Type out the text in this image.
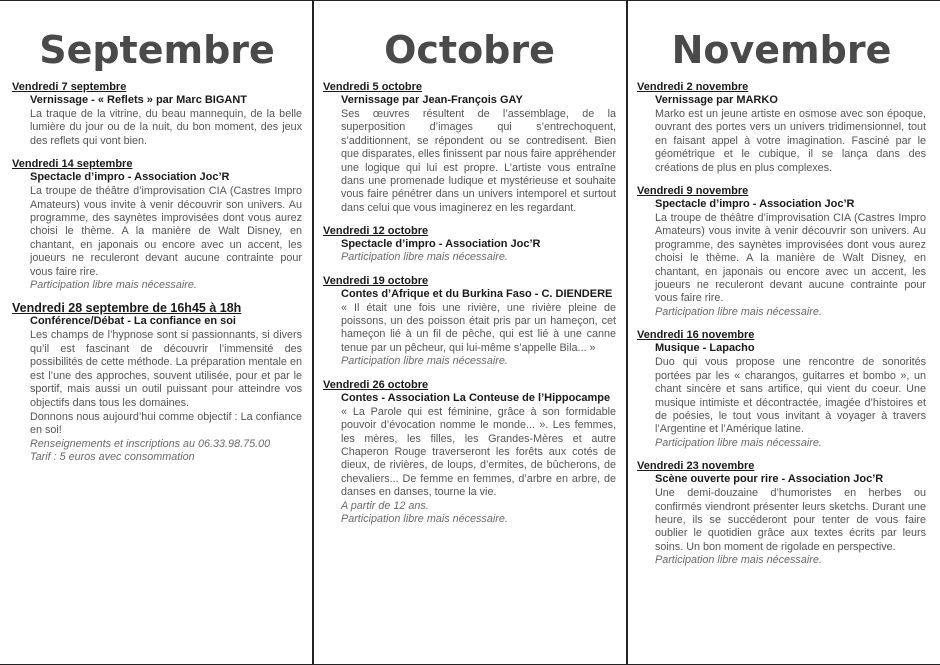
Septembre
Vendredi 7 septembre
Vernissage - « Reflets » par Marc BIGANT

La traque de la vitrine, du beau mannequin, de la belle lumière du jour ou de la nuit, du bon moment, des jeux des reflets qui vont bien.

Vendredi 14 septembre
Spectacle d’impro - Association Joc’R

La troupe de théâtre d’improvisation CIA (Castres Impro Amateurs) vous invite à venir découvrir son univers. Au programme, des saynètes improvisées dont vous aurez choisi le thème. A la manière de Walt Disney, en chantant, en japonais ou encore avec un accent, les joueurs ne reculeront devant aucune contrainte pour vous faire rire.

Participation libre mais nécessaire.

Vendredi 28 septembre de 16h45 à 18h
Conférence/Débat - La confiance en soi

Les champs de l’hypnose sont si passionnants, si divers qu’il est fascinant de découvrir l’immensité des possibilités de cette méthode. La préparation mentale en est l’une des approches, souvent utilisée, pour et par le sportif, mais aussi un outil puissant pour atteindre vos objectifs dans tous les domaines.

Donnons nous aujourd’hui comme objectif : La confiance en soi!

Renseignements et inscriptions au 06.33.98.75.00

Tarif : 5 euros avec consommation

Octobre
Vendredi 5 octobre
Vernissage par Jean-François GAY

Ses œuvres résultent de l’assemblage, de la superposition d’images qui s’entrechoquent, s’additionnent, se répondent ou se contredisent. Bien que disparates, elles finissent par nous faire appréhender une logique qui lui est propre. L’artiste vous entraîne dans une promenade ludique et mystérieuse et souhaite vous faire pénétrer dans un univers intemporel et surtout dans celui que vous imaginerez en les regardant.

Vendredi 12 octobre
Spectacle d’impro - Association Joc’R

Participation libre mais nécessaire.

Vendredi 19 octobre
Contes d’Afrique et du Burkina Faso - C. DIENDERE

« Il était une fois une rivière, une rivière pleine de poissons, un des poisson était pris par un hameçon, cet hameçon lié à un fil de pêche, qui est lié à une canne tenue par un pêcheur, qui lui-même s’appelle Bila... »

Participation libre mais nécessaire.

Vendredi 26 octobre
Contes - Association La Conteuse de l’Hippocampe

« La Parole qui est féminine, grâce à son formidable pouvoir d’évocation nomme le monde... ». Les femmes, les mères, les filles, les Grandes-Mères et autre Chaperon Rouge traverseront les forêts aux cotés de dieux, de rivières, de loups, d’ermites, de bûcherons, de chevaliers... De femme en femmes, d’arbre en arbre, de danses en danses, tourne la vie.

A partir de 12 ans.

Participation libre mais nécessaire.

Novembre
Vendredi 2 novembre
Vernissage par MARKO

Marko est un jeune artiste en osmose avec son époque, ouvrant des portes vers un univers tridimensionnel, tout en faisant appel à votre imagination. Fasciné par le géométrique et le cubique, il se lança dans des créations de plus en plus complexes.

Vendredi 9 novembre
Spectacle d’impro - Association Joc’R

La troupe de théâtre d’improvisation CIA (Castres Impro Amateurs) vous invite à venir découvrir son univers. Au programme, des saynètes improvisées dont vous aurez choisi le thème. A la manière de Walt Disney, en chantant, en japonais ou encore avec un accent, les joueurs ne reculeront devant aucune contrainte pour vous faire rire.

Participation libre mais nécessaire.

Vendredi 16 novembre
Musique - Lapacho

Duo qui vous propose une rencontre de sonorités portées par les « charangos, guitarres et bombo », un chant sincère et sans artifice, qui vient du coeur. Une musique intimiste et décontractée, imagée d’histoires et de poésies, le tout vous invitant à voyager à travers l’Argentine et l’Amérique latine.

Participation libre mais nécessaire.

Vendredi 23 novembre
Scène ouverte pour rire - Association Joc’R

Une demi-douzaine d’humoristes en herbes ou confirmés viendront présenter leurs sketchs. Durant une heure, ils se succéderont pour tenter de vous faire oublier le quotidien grâce aux textes écrits par leurs soins. Un bon moment de rigolade en perspective.

Participation libre mais nécessaire.
